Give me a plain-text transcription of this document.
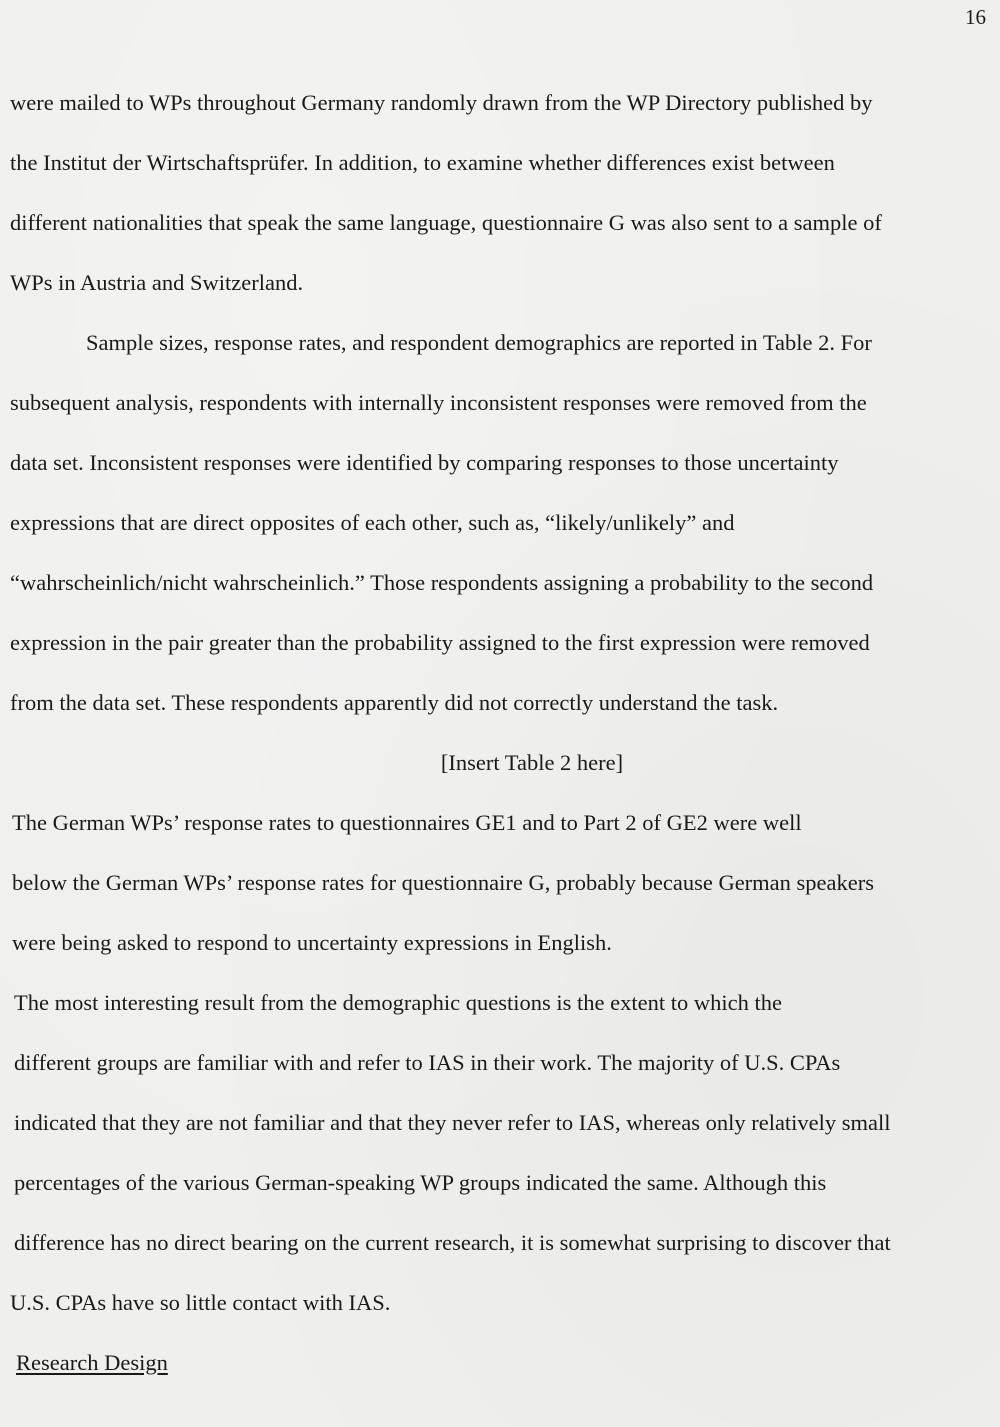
16
were mailed to WPs throughout Germany randomly drawn from the WP Directory published by
the Institut der Wirtschaftsprüfer. In addition, to examine whether differences exist between
different nationalities that speak the same language, questionnaire G was also sent to a sample of
WPs in Austria and Switzerland.
Sample sizes, response rates, and respondent demographics are reported in Table 2. For
subsequent analysis, respondents with internally inconsistent responses were removed from the
data set. Inconsistent responses were identified by comparing responses to those uncertainty
expressions that are direct opposites of each other, such as, “likely/unlikely” and
“wahrscheinlich/nicht wahrscheinlich.” Those respondents assigning a probability to the second
expression in the pair greater than the probability assigned to the first expression were removed
from the data set. These respondents apparently did not correctly understand the task.
[Insert Table 2 here]
The German WPs’ response rates to questionnaires GE1 and to Part 2 of GE2 were well
below the German WPs’ response rates for questionnaire G, probably because German speakers
were being asked to respond to uncertainty expressions in English.
The most interesting result from the demographic questions is the extent to which the
different groups are familiar with and refer to IAS in their work. The majority of U.S. CPAs
indicated that they are not familiar and that they never refer to IAS, whereas only relatively small
percentages of the various German-speaking WP groups indicated the same. Although this
difference has no direct bearing on the current research, it is somewhat surprising to discover that
U.S. CPAs have so little contact with IAS.
Research Design
